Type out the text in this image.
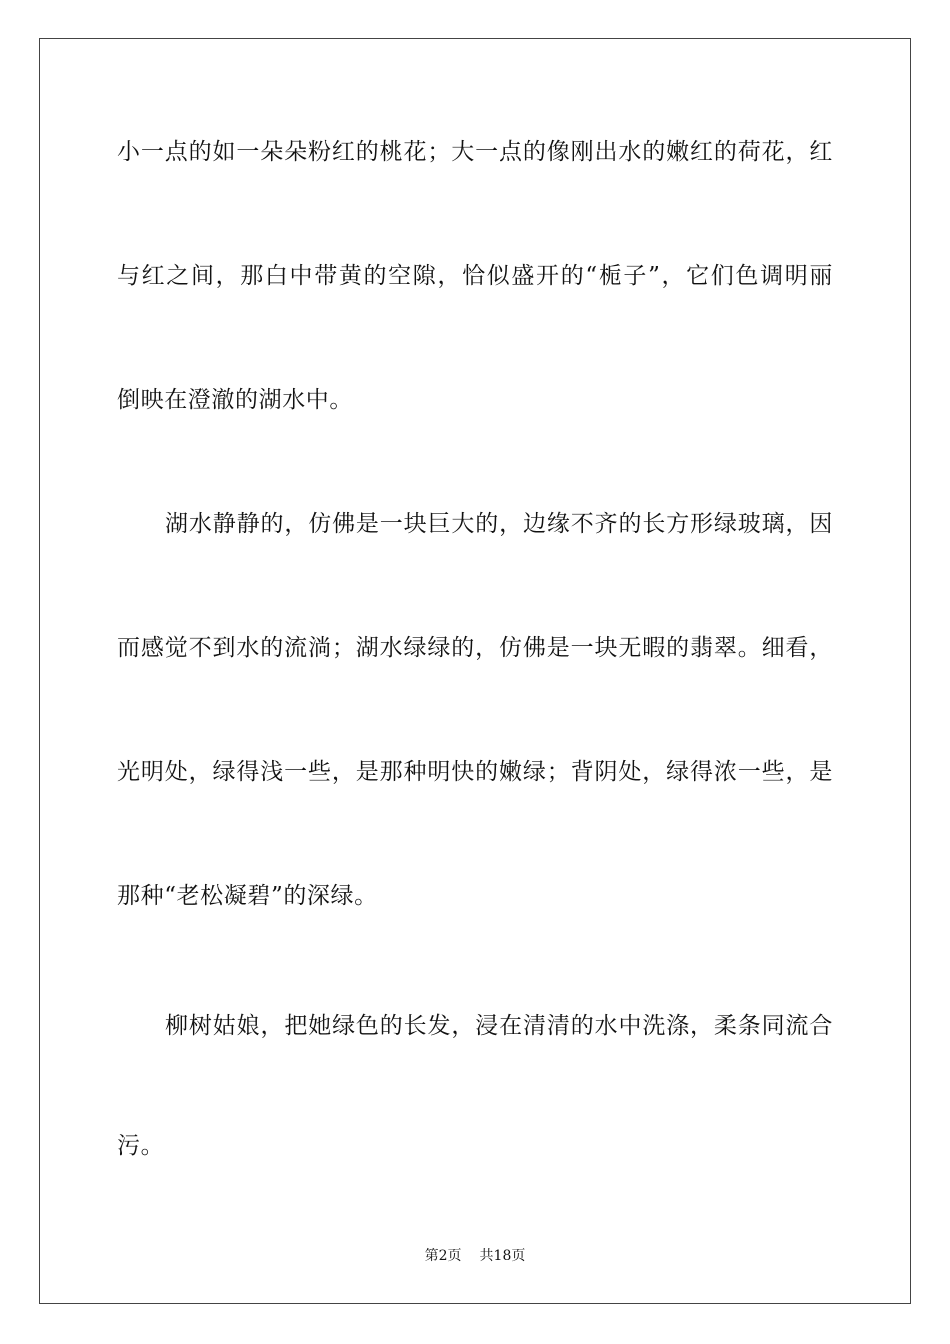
小一点的如一朵朵粉红的桃花；大一点的像刚出水的嫩红的荷花，红
与红之间，那白中带黄的空隙，恰似盛开的“栀子”，它们色调明丽
倒映在澄澈的湖水中。
湖水静静的，仿佛是一块巨大的，边缘不齐的长方形绿玻璃，因
而感觉不到水的流淌；湖水绿绿的，仿佛是一块无暇的翡翠。细看，
光明处，绿得浅一些，是那种明快的嫩绿；背阴处，绿得浓一些，是
那种“老松凝碧”的深绿。
柳树姑娘，把她绿色的长发，浸在清清的水中洗涤，柔条同流合
污。
第2页 共18页
